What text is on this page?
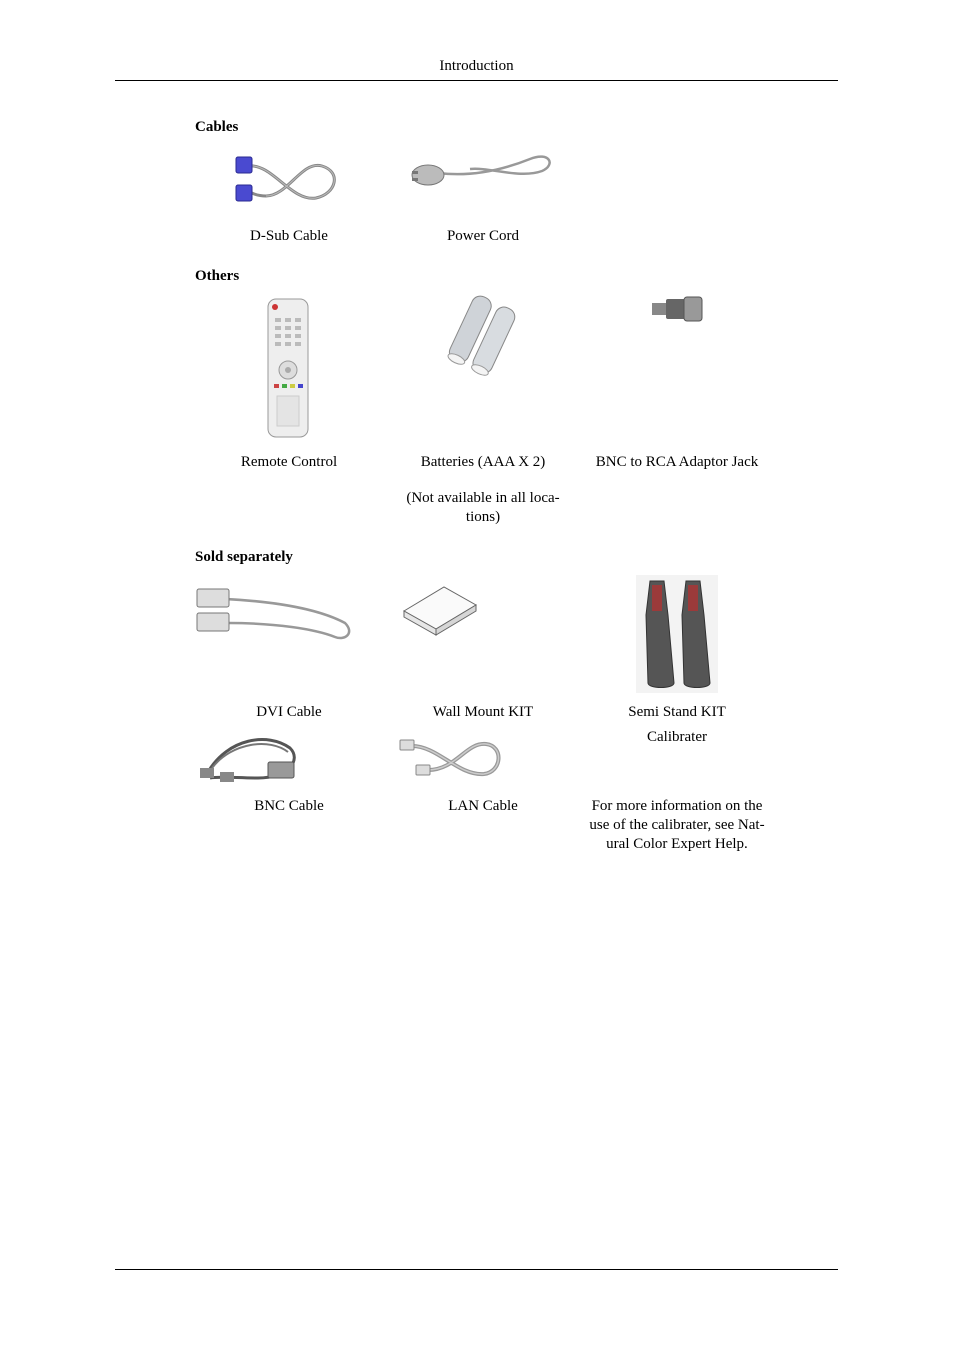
Introduction
Cables
D-Sub Cable	Power Cord
Others
Remote Control	Batteries (AAA X 2)
(Not available in all loca-
tions)
BNC to RCA Adaptor Jack
Sold separately
DVI Cable	Wall Mount KIT	Semi Stand KIT
Calibrater
BNC Cable	LAN Cable	For more information on the
use of the calibrater, see Nat-
ural Color Expert Help.
